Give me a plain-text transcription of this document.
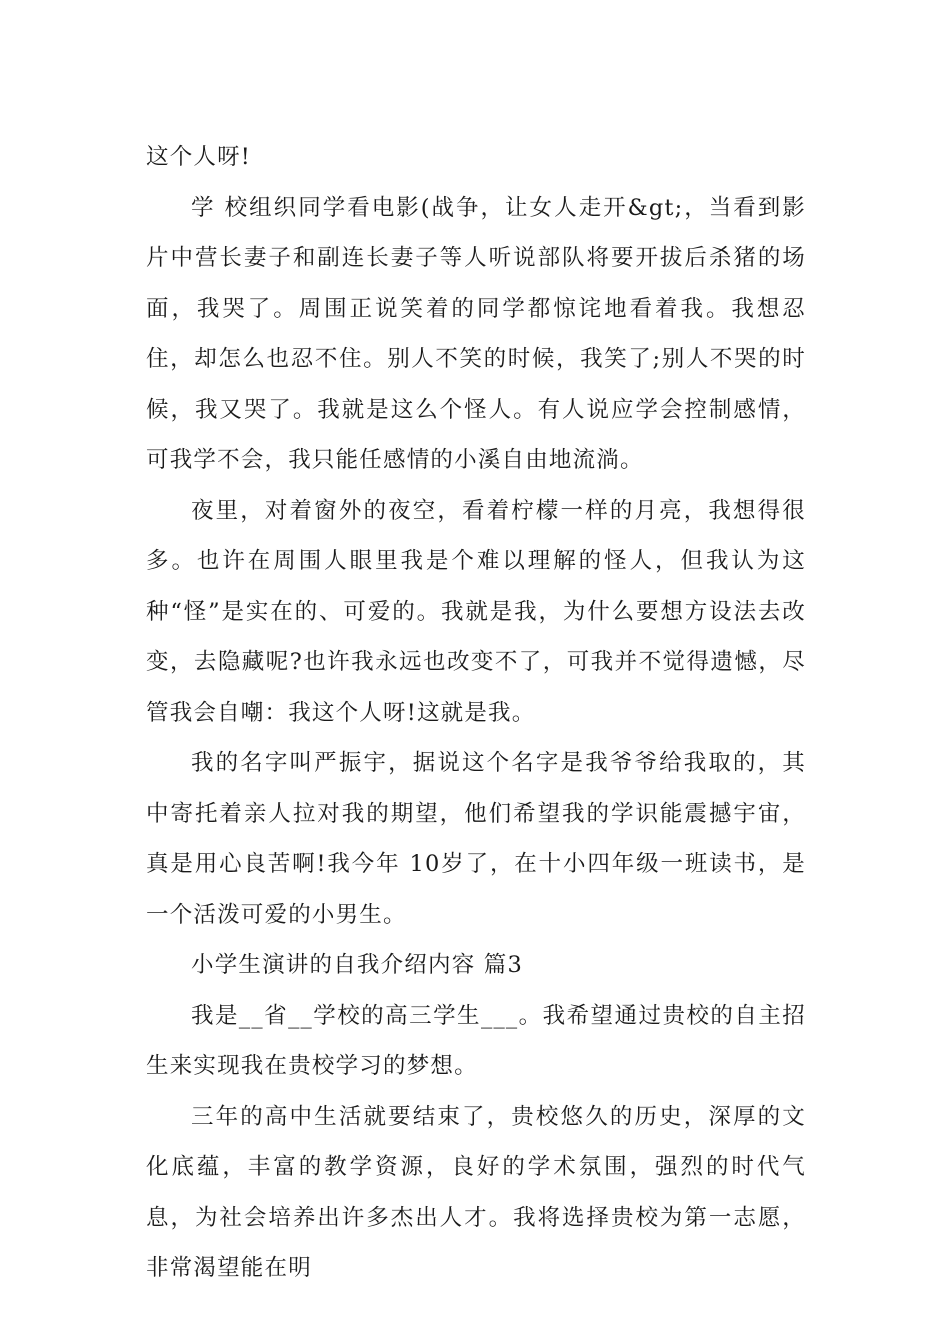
这个人呀!

学 校组织同学看电影(战争，让女人走开&gt;，当看到影片中营长妻子和副连长妻子等人听说部队将要开拔后杀猪的场面，我哭了。周围正说笑着的同学都惊诧地看着我。我想忍住，却怎么也忍不住。别人不笑的时候，我笑了;别人不哭的时候，我又哭了。我就是这么个怪人。有人说应学会控制感情，可我学不会，我只能任感情的小溪自由地流淌。

夜里，对着窗外的夜空，看着柠檬一样的月亮，我想得很多。也许在周围人眼里我是个难以理解的怪人，但我认为这种“怪”是实在的、可爱的。我就是我，为什么要想方设法去改变，去隐藏呢?也许我永远也改变不了，可我并不觉得遗憾，尽管我会自嘲：我这个人呀!这就是我。

我的名字叫严振宇，据说这个名字是我爷爷给我取的，其中寄托着亲人拉对我的期望，他们希望我的学识能震撼宇宙，真是用心良苦啊!我今年 10岁了，在十小四年级一班读书，是一个活泼可爱的小男生。

小学生演讲的自我介绍内容 篇3

我是__省__学校的高三学生___。我希望通过贵校的自主招生来实现我在贵校学习的梦想。

三年的高中生活就要结束了，贵校悠久的历史，深厚的文化底蕴，丰富的教学资源，良好的学术氛围，强烈的时代气息，为社会培养出许多杰出人才。我将选择贵校为第一志愿，非常渴望能在明
